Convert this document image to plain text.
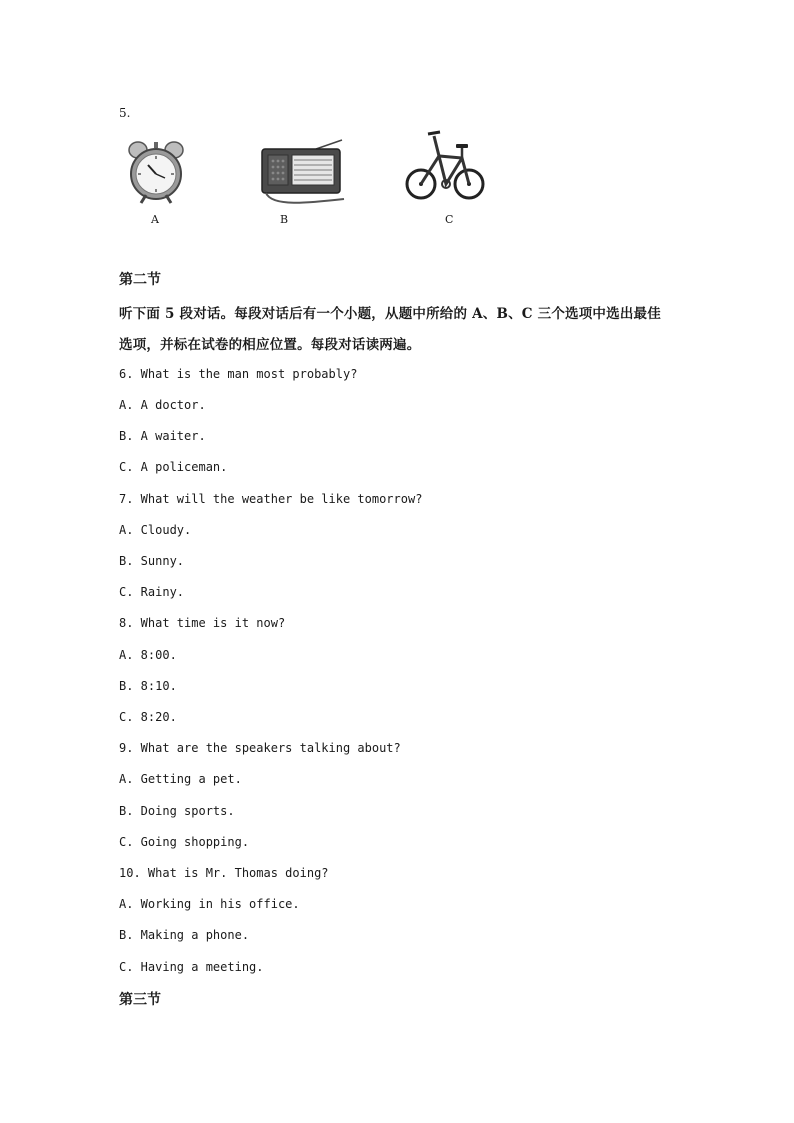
5.
A	B	C
第二节
听下面 5 段对话。每段对话后有一个小题，从题中所给的 A、B、C 三个选项中选出最佳
选项，并标在试卷的相应位置。每段对话读两遍。
6. What is the man most probably?
A. A doctor.
B. A waiter.
C. A policeman.
7. What will the weather be like tomorrow?
A. Cloudy.
B. Sunny.
C. Rainy.
8. What time is it now?
A. 8:00.
B. 8:10.
C. 8:20.
9. What are the speakers talking about?
A. Getting a pet.
B. Doing sports.
C. Going shopping.
10. What is Mr. Thomas doing?
A. Working in his office.
B. Making a phone.
C. Having a meeting.
第三节
